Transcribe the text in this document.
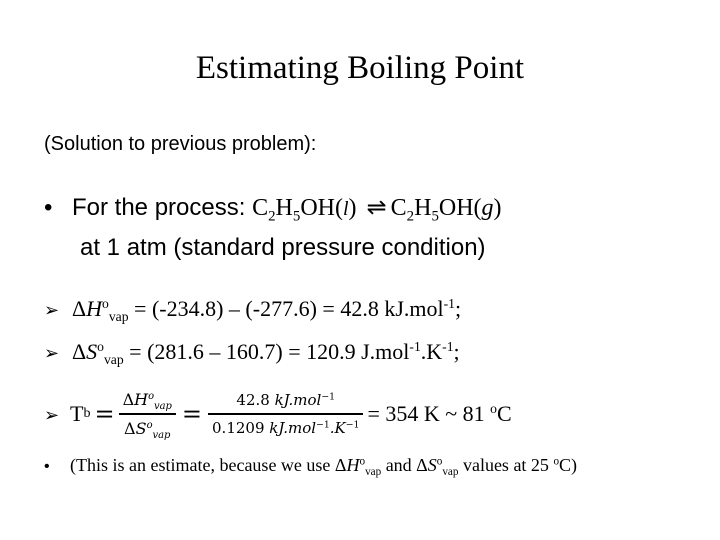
Estimating Boiling Point
(Solution to previous problem):
• For the process: $C_2H_5OH(l)$ ⇌ $C_2H_5OH(g)$
at 1 atm (standard pressure condition)
➢ $\Delta H^o_{vap} = (-234.8) - (-277.6) = 42.8$ kJ.mol$^{-1}$;
➢ $\Delta S^o_{vap} = (281.6 - 160.7) = 120.9$ $J.mol^{-1}.K^{-1}$;
➢ T $b = \frac{\Delta H^o_{vap}}{\Delta S^o_{vap}} = \frac{42.8 kJ.mol^{-1}}{0.1209 kJ.mol^{-1}.K^{-1}} = 354$ K ~ 81 $^o$C
• (This is an estimate, because we use $\Delta H^o_{vap}$ and $\Delta S^o_{vap}$ values at 25 $^o$C)
